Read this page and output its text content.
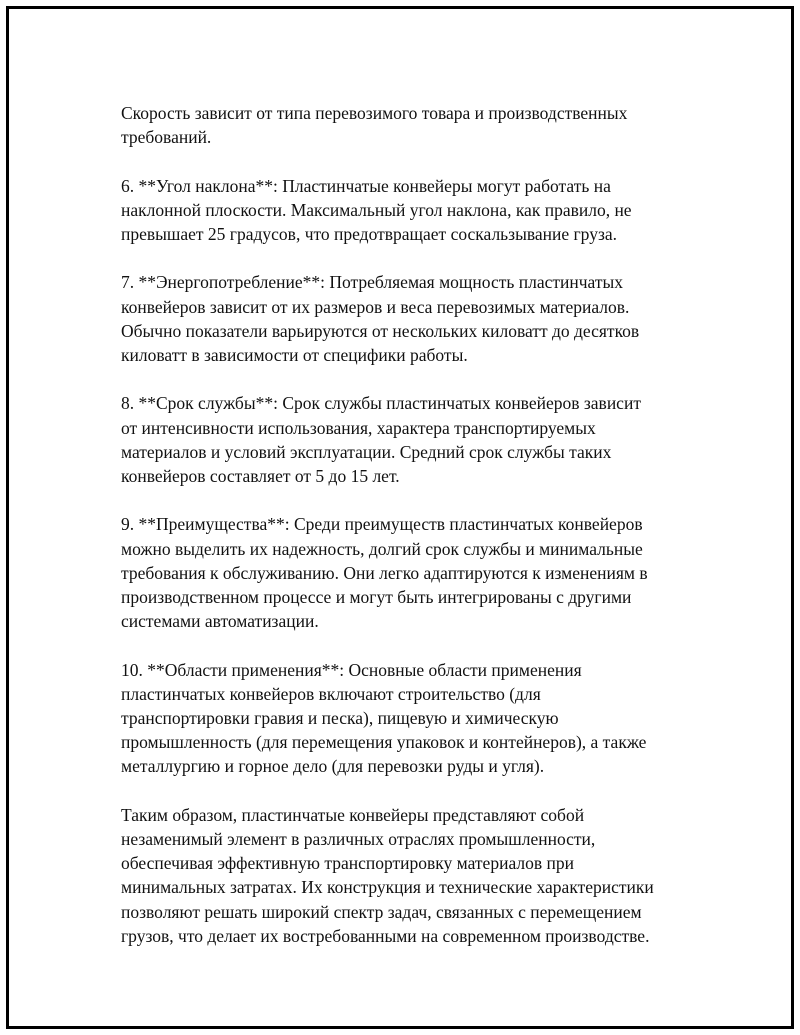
Скорость зависит от типа перевозимого товара и производственных
требований.

6. **Угол наклона**: Пластинчатые конвейеры могут работать на
наклонной плоскости. Максимальный угол наклона, как правило, не
превышает 25 градусов, что предотвращает соскальзывание груза.

7. **Энергопотребление**: Потребляемая мощность пластинчатых
конвейеров зависит от их размеров и веса перевозимых материалов.
Обычно показатели варьируются от нескольких киловатт до десятков
киловатт в зависимости от специфики работы.

8. **Срок службы**: Срок службы пластинчатых конвейеров зависит
от интенсивности использования, характера транспортируемых
материалов и условий эксплуатации. Средний срок службы таких
конвейеров составляет от 5 до 15 лет.

9. **Преимущества**: Среди преимуществ пластинчатых конвейеров
можно выделить их надежность, долгий срок службы и минимальные
требования к обслуживанию. Они легко адаптируются к изменениям в
производственном процессе и могут быть интегрированы с другими
системами автоматизации.

10. **Области применения**: Основные области применения
пластинчатых конвейеров включают строительство (для
транспортировки гравия и песка), пищевую и химическую
промышленность (для перемещения упаковок и контейнеров), а также
металлургию и горное дело (для перевозки руды и угля).

Таким образом, пластинчатые конвейеры представляют собой
незаменимый элемент в различных отраслях промышленности,
обеспечивая эффективную транспортировку материалов при
минимальных затратах. Их конструкция и технические характеристики
позволяют решать широкий спектр задач, связанных с перемещением
грузов, что делает их востребованными на современном производстве.
